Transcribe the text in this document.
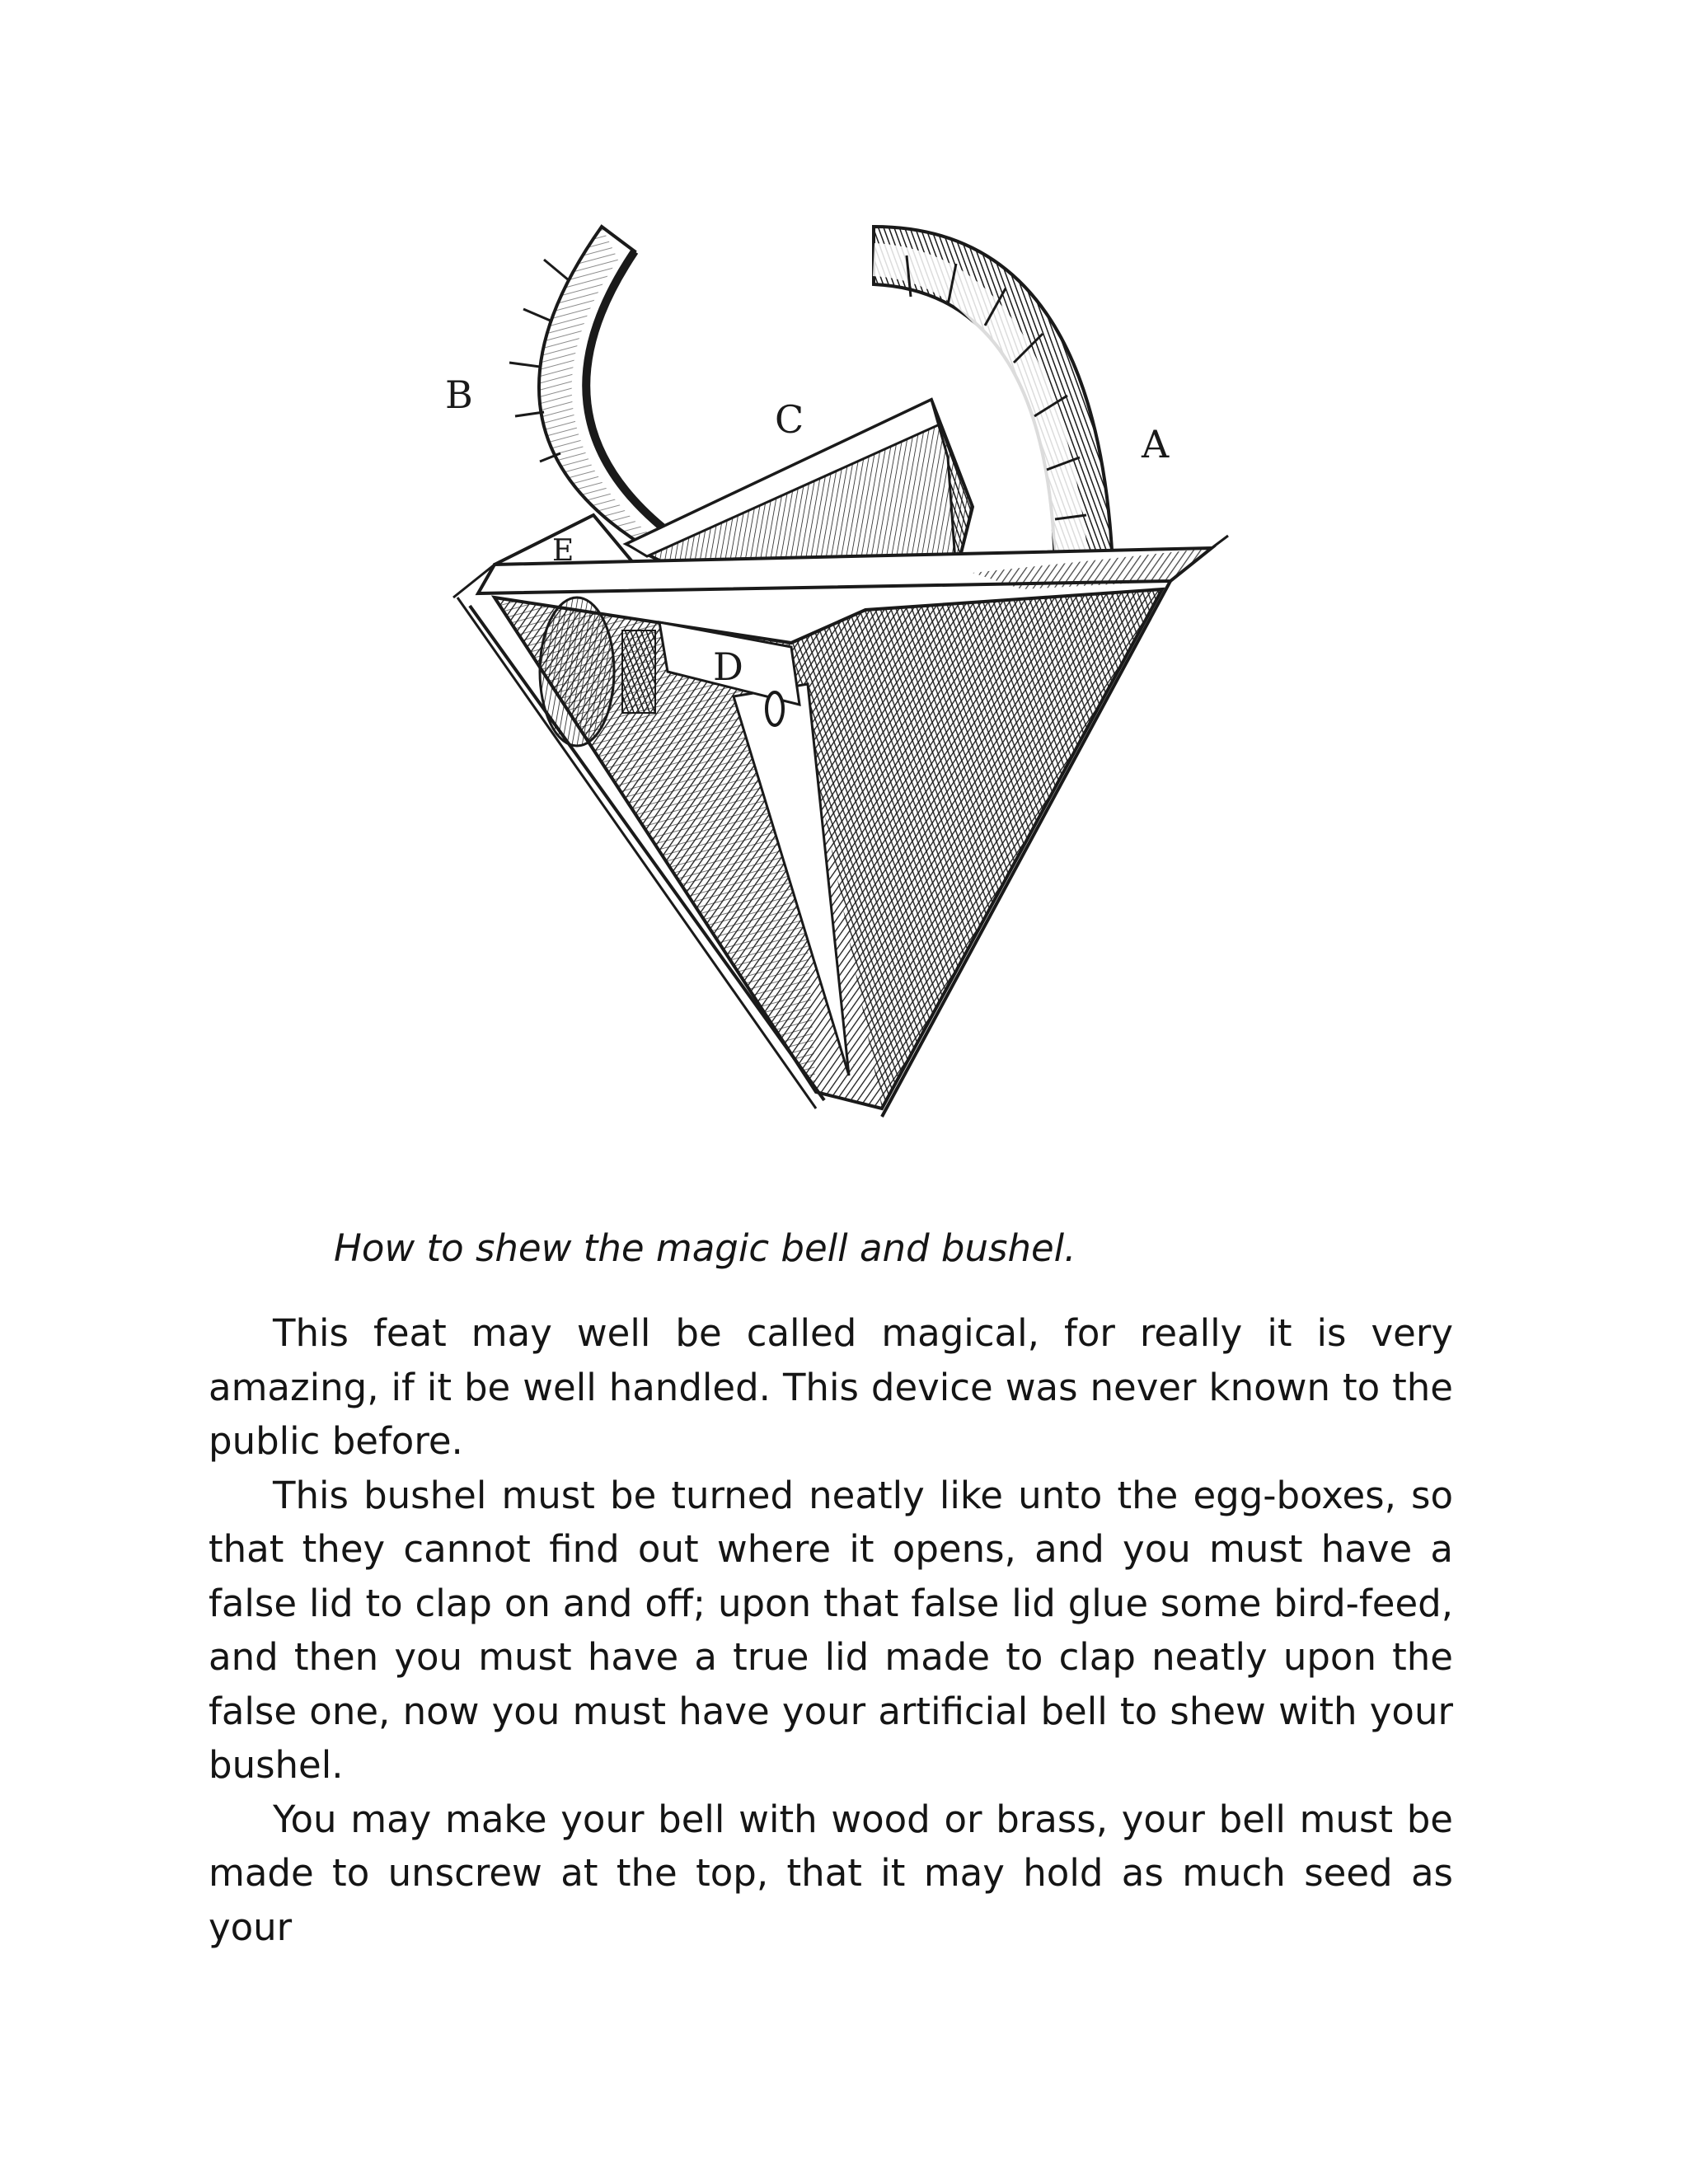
B
A
C
D
E
How to shew the magic bell and bushel.

This feat may well be called magical, for really it is very amazing, if it be well handled. This device was never known to the public before.

This bushel must be turned neatly like unto the egg-boxes, so that they cannot find out where it opens, and you must have a false lid to clap on and off; upon that false lid glue some bird-feed, and then you must have a true lid made to clap neatly upon the false one, now you must have your artificial bell to shew with your bushel.

You may make your bell with wood or brass, your bell must be made to unscrew at the top, that it may hold as much seed as your
